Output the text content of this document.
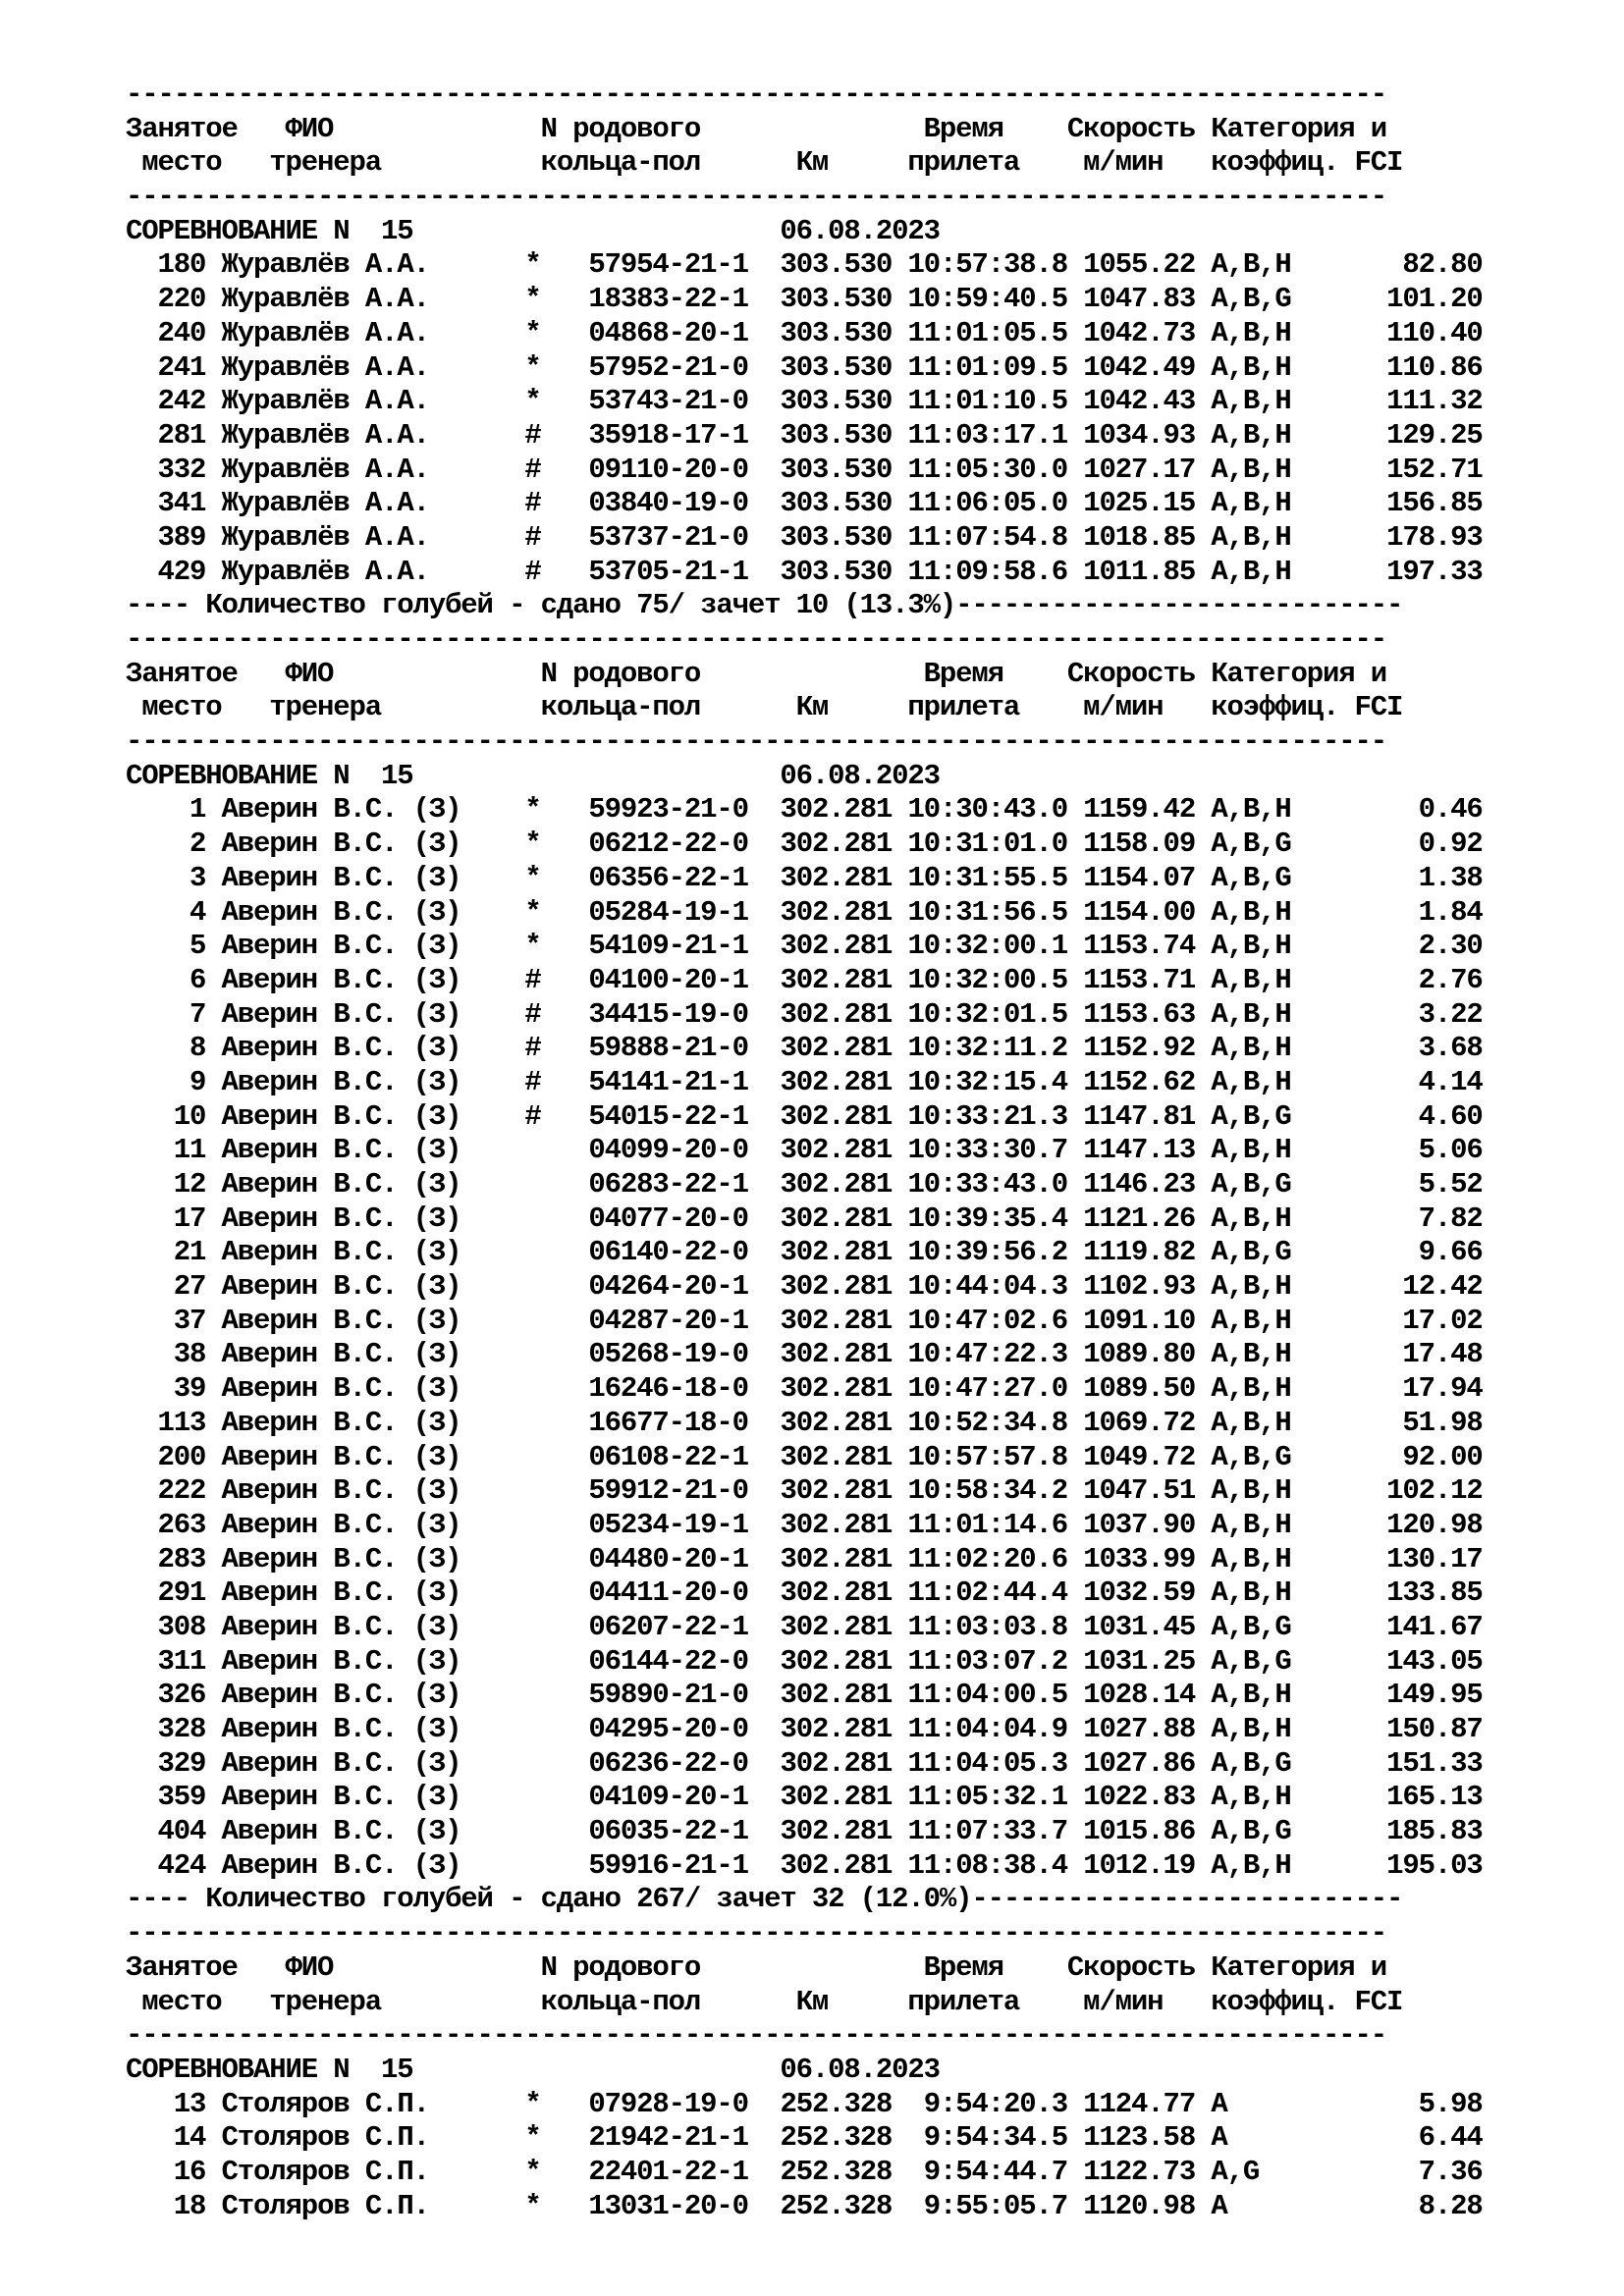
-------------------------------------------------------------------------------
Занятое   ФИО             N родового              Время    Скорость Категория и
место   тренера          кольца-пол      Км     прилета    м/мин   коэффиц. FCI
-------------------------------------------------------------------------------
СОРЕВНОВАНИЕ N  15	06.08.2023
180 Журавлёв А.А.      * 57954-21-1 303.530 10:57:38.8 1055.22 A,B,H       82.80
220 Журавлёв А.А.      * 18383-22-1 303.530 10:59:40.5 1047.83 A,B,G      101.20
240 Журавлёв А.А.      * 04868-20-1 303.530 11:01:05.5 1042.73 A,B,H      110.40
241 Журавлёв А.А.      * 57952-21-0 303.530 11:01:09.5 1042.49 A,B,H      110.86
242 Журавлёв А.А.      * 53743-21-0 303.530 11:01:10.5 1042.43 A,B,H      111.32
281 Журавлёв А.А.      # 35918-17-1 303.530 11:03:17.1 1034.93 A,B,H      129.25
332 Журавлёв А.А.      # 09110-20-0 303.530 11:05:30.0 1027.17 A,B,H      152.71
341 Журавлёв А.А.      # 03840-19-0 303.530 11:06:05.0 1025.15 A,B,H      156.85
389 Журавлёв А.А.      # 53737-21-0 303.530 11:07:54.8 1018.85 A,B,H      178.93
429 Журавлёв А.А.      # 53705-21-1 303.530 11:09:58.6 1011.85 A,B,H      197.33
---- Количество голубей - сдано 75/ зачет 10 (13.3%)----------------------------
-------------------------------------------------------------------------------
Занятое   ФИО             N родового              Время    Скорость Категория и
место   тренера          кольца-пол      Км     прилета    м/мин   коэффиц. FCI
-------------------------------------------------------------------------------
СОРЕВНОВАНИЕ N  15	06.08.2023
1 Аверин В.С. (З)    * 59923-21-0 302.281 10:30:43.0 1159.42 A,B,H        0.46
2 Аверин В.С. (З)    * 06212-22-0 302.281 10:31:01.0 1158.09 A,B,G        0.92
3 Аверин В.С. (З)    * 06356-22-1 302.281 10:31:55.5 1154.07 A,B,G        1.38
4 Аверин В.С. (З)    * 05284-19-1 302.281 10:31:56.5 1154.00 A,B,H        1.84
5 Аверин В.С. (З)    * 54109-21-1 302.281 10:32:00.1 1153.74 A,B,H        2.30
6 Аверин В.С. (З)    # 04100-20-1 302.281 10:32:00.5 1153.71 A,B,H        2.76
7 Аверин В.С. (З)    # 34415-19-0 302.281 10:32:01.5 1153.63 A,B,H        3.22
8 Аверин В.С. (З)    # 59888-21-0 302.281 10:32:11.2 1152.92 A,B,H        3.68
9 Аверин В.С. (З)    # 54141-21-1 302.281 10:32:15.4 1152.62 A,B,H        4.14
10 Аверин В.С. (З)    # 54015-22-1 302.281 10:33:21.3 1147.81 A,B,G        4.60
11 Аверин В.С. (З)	04099-20-0 302.281 10:33:30.7 1147.13 A,B,H        5.06
12 Аверин В.С. (З)	06283-22-1 302.281 10:33:43.0 1146.23 A,B,G        5.52
17 Аверин В.С. (З)	04077-20-0 302.281 10:39:35.4 1121.26 A,B,H        7.82
21 Аверин В.С. (З)	06140-22-0 302.281 10:39:56.2 1119.82 A,B,G        9.66
27 Аверин В.С. (З)	04264-20-1 302.281 10:44:04.3 1102.93 A,B,H       12.42
37 Аверин В.С. (З)	04287-20-1 302.281 10:47:02.6 1091.10 A,B,H       17.02
38 Аверин В.С. (З)	05268-19-0 302.281 10:47:22.3 1089.80 A,B,H       17.48
39 Аверин В.С. (З)	16246-18-0 302.281 10:47:27.0 1089.50 A,B,H       17.94
113 Аверин В.С. (З)	16677-18-0 302.281 10:52:34.8 1069.72 A,B,H       51.98
200 Аверин В.С. (З)	06108-22-1 302.281 10:57:57.8 1049.72 A,B,G       92.00
222 Аверин В.С. (З)	59912-21-0 302.281 10:58:34.2 1047.51 A,B,H      102.12
263 Аверин В.С. (З)	05234-19-1 302.281 11:01:14.6 1037.90 A,B,H      120.98
283 Аверин В.С. (З)	04480-20-1 302.281 11:02:20.6 1033.99 A,B,H      130.17
291 Аверин В.С. (З)	04411-20-0 302.281 11:02:44.4 1032.59 A,B,H      133.85
308 Аверин В.С. (З)	06207-22-1 302.281 11:03:03.8 1031.45 A,B,G      141.67
311 Аверин В.С. (З)	06144-22-0 302.281 11:03:07.2 1031.25 A,B,G      143.05
326 Аверин В.С. (З)	59890-21-0 302.281 11:04:00.5 1028.14 A,B,H      149.95
328 Аверин В.С. (З)	04295-20-0 302.281 11:04:04.9 1027.88 A,B,H      150.87
329 Аверин В.С. (З)	06236-22-0 302.281 11:04:05.3 1027.86 A,B,G      151.33
359 Аверин В.С. (З)	04109-20-1 302.281 11:05:32.1 1022.83 A,B,H      165.13
404 Аверин В.С. (З)	06035-22-1 302.281 11:07:33.7 1015.86 A,B,G      185.83
424 Аверин В.С. (З)	59916-21-1 302.281 11:08:38.4 1012.19 A,B,H      195.03
---- Количество голубей - сдано 267/ зачет 32 (12.0%)---------------------------
-------------------------------------------------------------------------------
Занятое   ФИО             N родового              Время    Скорость Категория и
место   тренера          кольца-пол      Км     прилета    м/мин   коэффиц. FCI
-------------------------------------------------------------------------------
СОРЕВНОВАНИЕ N  15	06.08.2023
13 Столяров С.П.      * 07928-19-0 252.328  9:54:20.3 1124.77 A            5.98
14 Столяров С.П.      * 21942-21-1 252.328  9:54:34.5 1123.58 A            6.44
16 Столяров С.П.      * 22401-22-1 252.328  9:54:44.7 1122.73 A,G          7.36
18 Столяров С.П.      * 13031-20-0 252.328  9:55:05.7 1120.98 A            8.28
